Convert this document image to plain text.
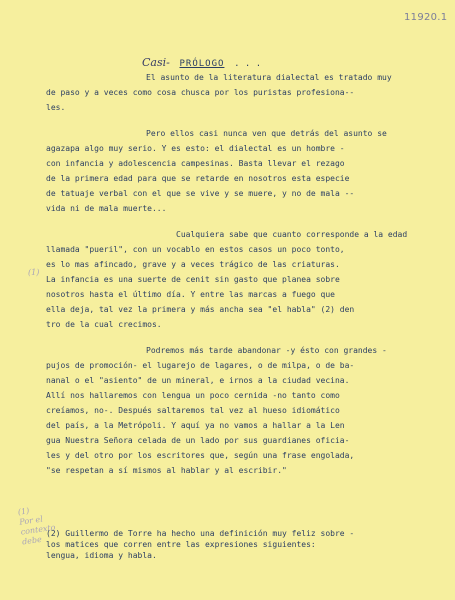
11920.1
Casi- PRÓLOGO . . .
(1)
(1) Por el contexto debe
El asunto de la literatura dialectal es tratado muy
de paso y a veces como cosa chusca por los puristas profesiona--
les.
Pero ellos casi nunca ven que detrás del asunto se
agazapa algo muy serio. Y es esto: el dialectal es un hombre -
con infancia y adolescencia campesinas. Basta llevar el rezago
de la primera edad para que se retarde en nosotros esta especie
de tatuaje verbal con el que se vive y se muere, y no de mala --
vida ni de mala muerte...
Cualquiera sabe que cuanto corresponde a la edad
llamada "pueril", con un vocablo en estos casos un poco tonto,
es lo mas afincado, grave y a veces trágico de las criaturas.
La infancia es una suerte de cenit sin gasto que planea sobre
nosotros hasta el último día. Y entre las marcas a fuego que
ella deja, tal vez la primera y más ancha sea "el habla" (2) den
tro de la cual crecimos.
Podremos más tarde abandonar -y ésto con grandes -
pujos de promoción- el lugarejo de lagares, o de milpa, o de ba-
nanal o el "asiento" de un mineral, e irnos a la ciudad vecina.
Allí nos hallaremos con lengua un poco cernida -no tanto como
creíamos, no-. Después saltaremos tal vez al hueso idiomático
del país, a la Metrópoli. Y aquí ya no vamos a hallar a la Len
gua Nuestra Señora celada de un lado por sus guardianes oficia-
les y del otro por los escritores que, según una frase engolada,
"se respetan a sí mismos al hablar y al escribir."
(2) Guillermo de Torre ha hecho una definición muy feliz sobre -
los matices que corren entre las expresiones siguientes:
lengua, idioma y habla.
